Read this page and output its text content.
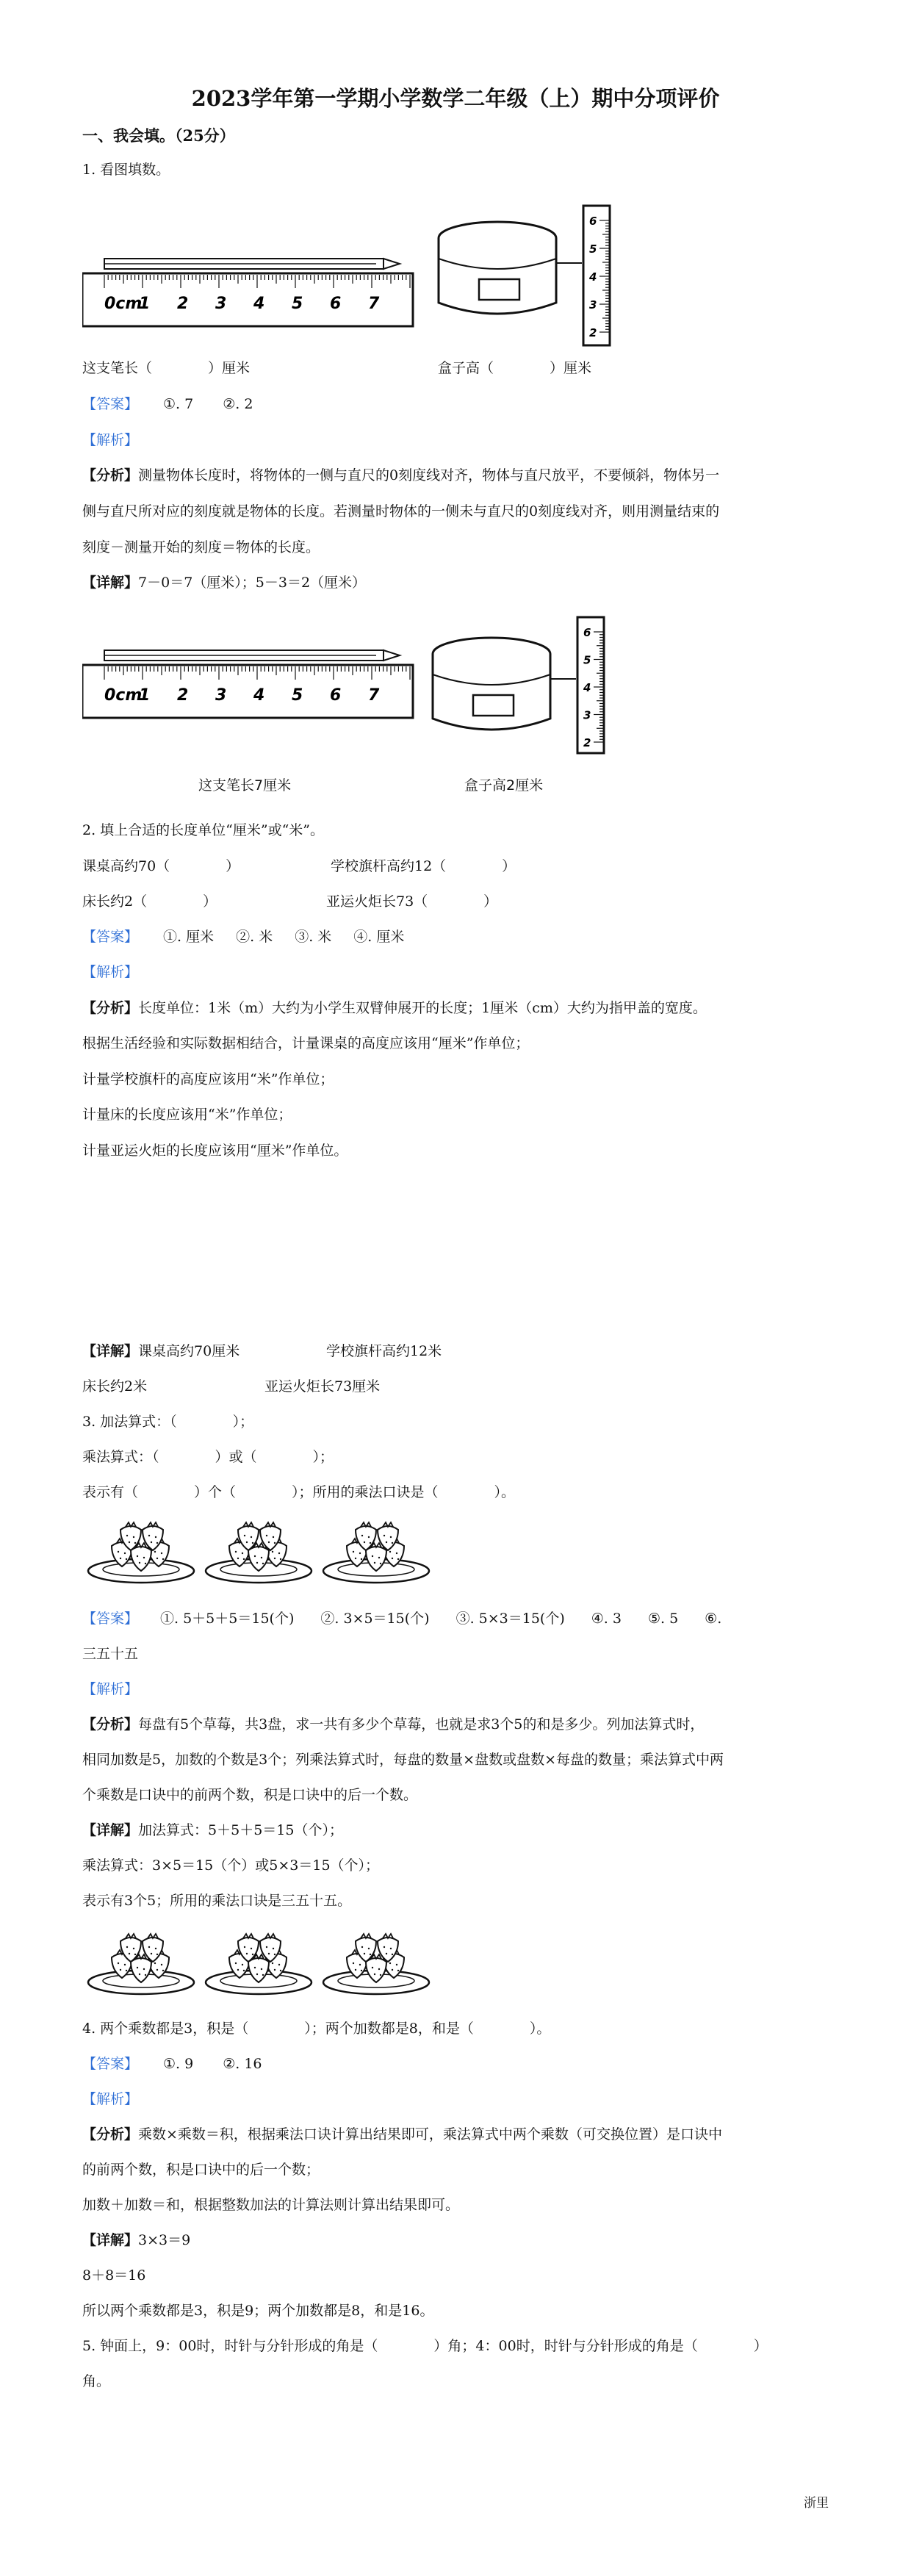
2023学年第一学期小学数学二年级（上）期中分项评价
一、我会填。（25分）
1. 看图填数。
0cm
1 2 3 4 5 6 7
2
3
4
5
6
这支笔长（　　　　）厘米	盒子高（　　　　）厘米
【答案】 ①. 7 ②. 2
【解析】
【分析】测量物体长度时，将物体的一侧与直尺的0刻度线对齐，物体与直尺放平，不要倾斜，物体另一
侧与直尺所对应的刻度就是物体的长度。若测量时物体的一侧未与直尺的0刻度线对齐，则用测量结束的
刻度－测量开始的刻度＝物体的长度。
【详解】7－0＝7（厘米）；5－3＝2（厘米）
0cm
1 2 3 4 5 6 7
2
3
4
5
6
这支笔长7厘米	盒子高2厘米
2. 填上合适的长度单位“厘米”或“米”。
课桌高约70（　　　　）	学校旗杆高约12（　　　　）
床长约2（　　　　）	亚运火炬长73（　　　　）
【答案】 ①. 厘米 ②. 米 ③. 米 ④. 厘米
【解析】
【分析】长度单位：1米（m）大约为小学生双臂伸展开的长度；1厘米（cm）大约为指甲盖的宽度。
根据生活经验和实际数据相结合，计量课桌的高度应该用“厘米”作单位；
计量学校旗杆的高度应该用“米”作单位；
计量床的长度应该用“米”作单位；
计量亚运火炬的长度应该用“厘米”作单位。
【详解】课桌高约70厘米	学校旗杆高约12米
床长约2米	亚运火炬长73厘米
3. 加法算式：（　　　　）；
乘法算式：（　　　　）或（　　　　）；
表示有（　　　　）个（　　　　）；所用的乘法口诀是（　　　　）。
【答案】 ①. 5＋5＋5＝15(个) ②. 3×5＝15(个) ③. 5×3＝15(个) ④. 3 ⑤. 5 ⑥.
三五十五
【解析】
【分析】每盘有5个草莓，共3盘，求一共有多少个草莓，也就是求3个5的和是多少。列加法算式时，
相同加数是5，加数的个数是3个；列乘法算式时，每盘的数量×盘数或盘数×每盘的数量；乘法算式中两
个乘数是口诀中的前两个数，积是口诀中的后一个数。
【详解】加法算式：5＋5＋5＝15（个）；
乘法算式：3×5＝15（个）或5×3＝15（个）；
表示有3个5；所用的乘法口诀是三五十五。
4. 两个乘数都是3，积是（　　　　）；两个加数都是8，和是（　　　　）。
【答案】 ①. 9 ②. 16
【解析】
【分析】乘数×乘数＝积，根据乘法口诀计算出结果即可，乘法算式中两个乘数（可交换位置）是口诀中
的前两个数，积是口诀中的后一个数；
加数＋加数＝和，根据整数加法的计算法则计算出结果即可。
【详解】3×3＝9
8＋8＝16
所以两个乘数都是3，积是9；两个加数都是8，和是16。
5. 钟面上，9：00时，时针与分针形成的角是（　　　　）角；4：00时，时针与分针形成的角是（　　　　）
角。
浙里
